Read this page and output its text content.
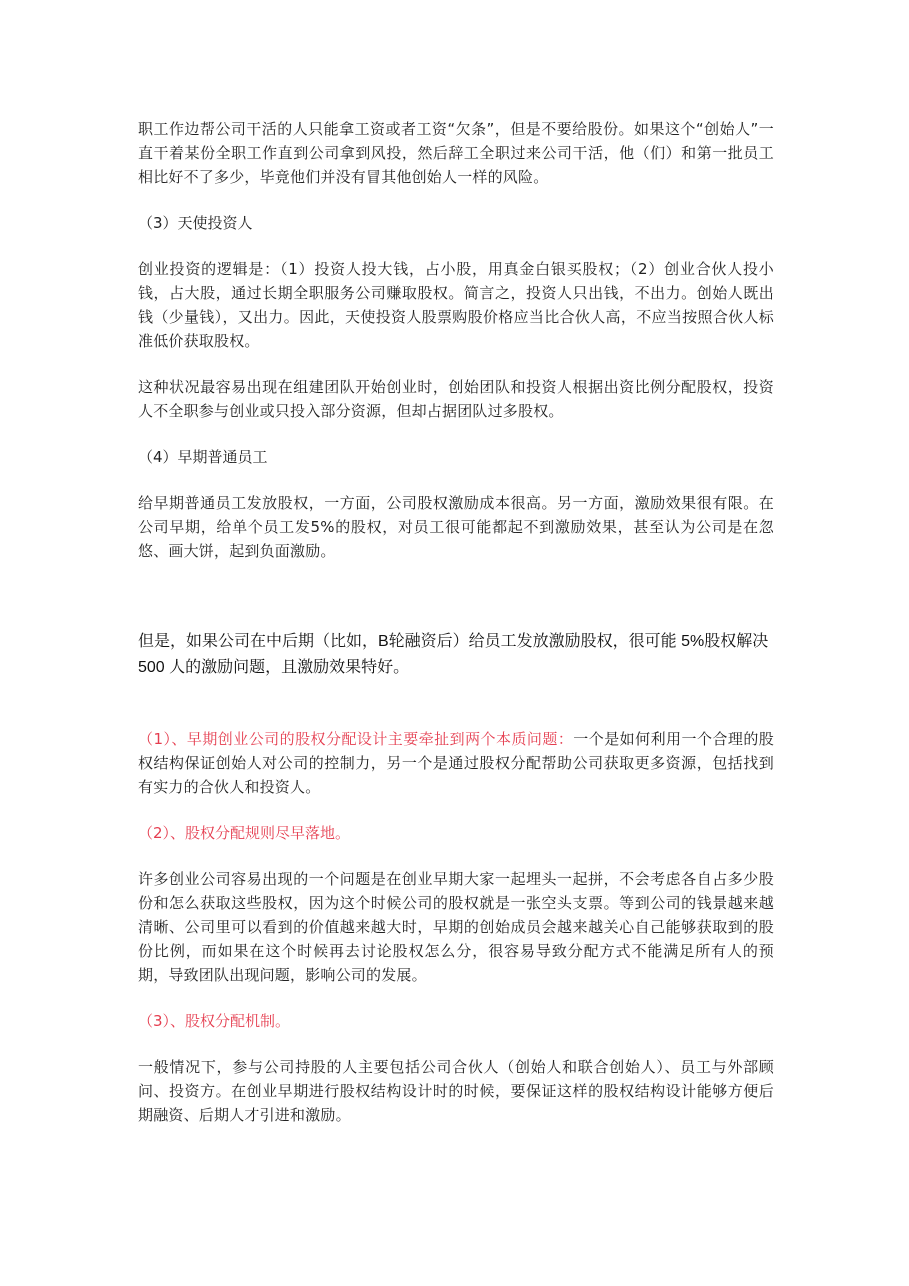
职工作边帮公司干活的人只能拿工资或者工资“欠条”，但是不要给股份。如果这个“创始人”一直干着某份全职工作直到公司拿到风投，然后辞工全职过来公司干活，他（们）和第一批员工相比好不了多少，毕竟他们并没有冒其他创始人一样的风险。

（3）天使投资人

创业投资的逻辑是：（1）投资人投大钱，占小股，用真金白银买股权；（2）创业合伙人投小钱，占大股，通过长期全职服务公司赚取股权。简言之，投资人只出钱，不出力。创始人既出钱（少量钱），又出力。因此，天使投资人股票购股价格应当比合伙人高，不应当按照合伙人标准低价获取股权。

这种状况最容易出现在组建团队开始创业时，创始团队和投资人根据出资比例分配股权，投资人不全职参与创业或只投入部分资源，但却占据团队过多股权。

（4）早期普通员工

给早期普通员工发放股权，一方面，公司股权激励成本很高。另一方面，激励效果很有限。在公司早期，给单个员工发5%的股权，对员工很可能都起不到激励效果，甚至认为公司是在忽悠、画大饼，起到负面激励。

但是，如果公司在中后期（比如，B轮融资后）给员工发放激励股权，很可能 5%股权解决 500 人的激励问题，且激励效果特好。

（1）、早期创业公司的股权分配设计主要牵扯到两个本质问题：一个是如何利用一个合理的股权结构保证创始人对公司的控制力，另一个是通过股权分配帮助公司获取更多资源，包括找到有实力的合伙人和投资人。

（2）、股权分配规则尽早落地。

许多创业公司容易出现的一个问题是在创业早期大家一起埋头一起拼，不会考虑各自占多少股份和怎么获取这些股权，因为这个时候公司的股权就是一张空头支票。等到公司的钱景越来越清晰、公司里可以看到的价值越来越大时，早期的创始成员会越来越关心自己能够获取到的股份比例，而如果在这个时候再去讨论股权怎么分，很容易导致分配方式不能满足所有人的预期，导致团队出现问题，影响公司的发展。

（3）、股权分配机制。

一般情况下，参与公司持股的人主要包括公司合伙人（创始人和联合创始人）、员工与外部顾问、投资方。在创业早期进行股权结构设计时的时候，要保证这样的股权结构设计能够方便后期融资、后期人才引进和激励。
